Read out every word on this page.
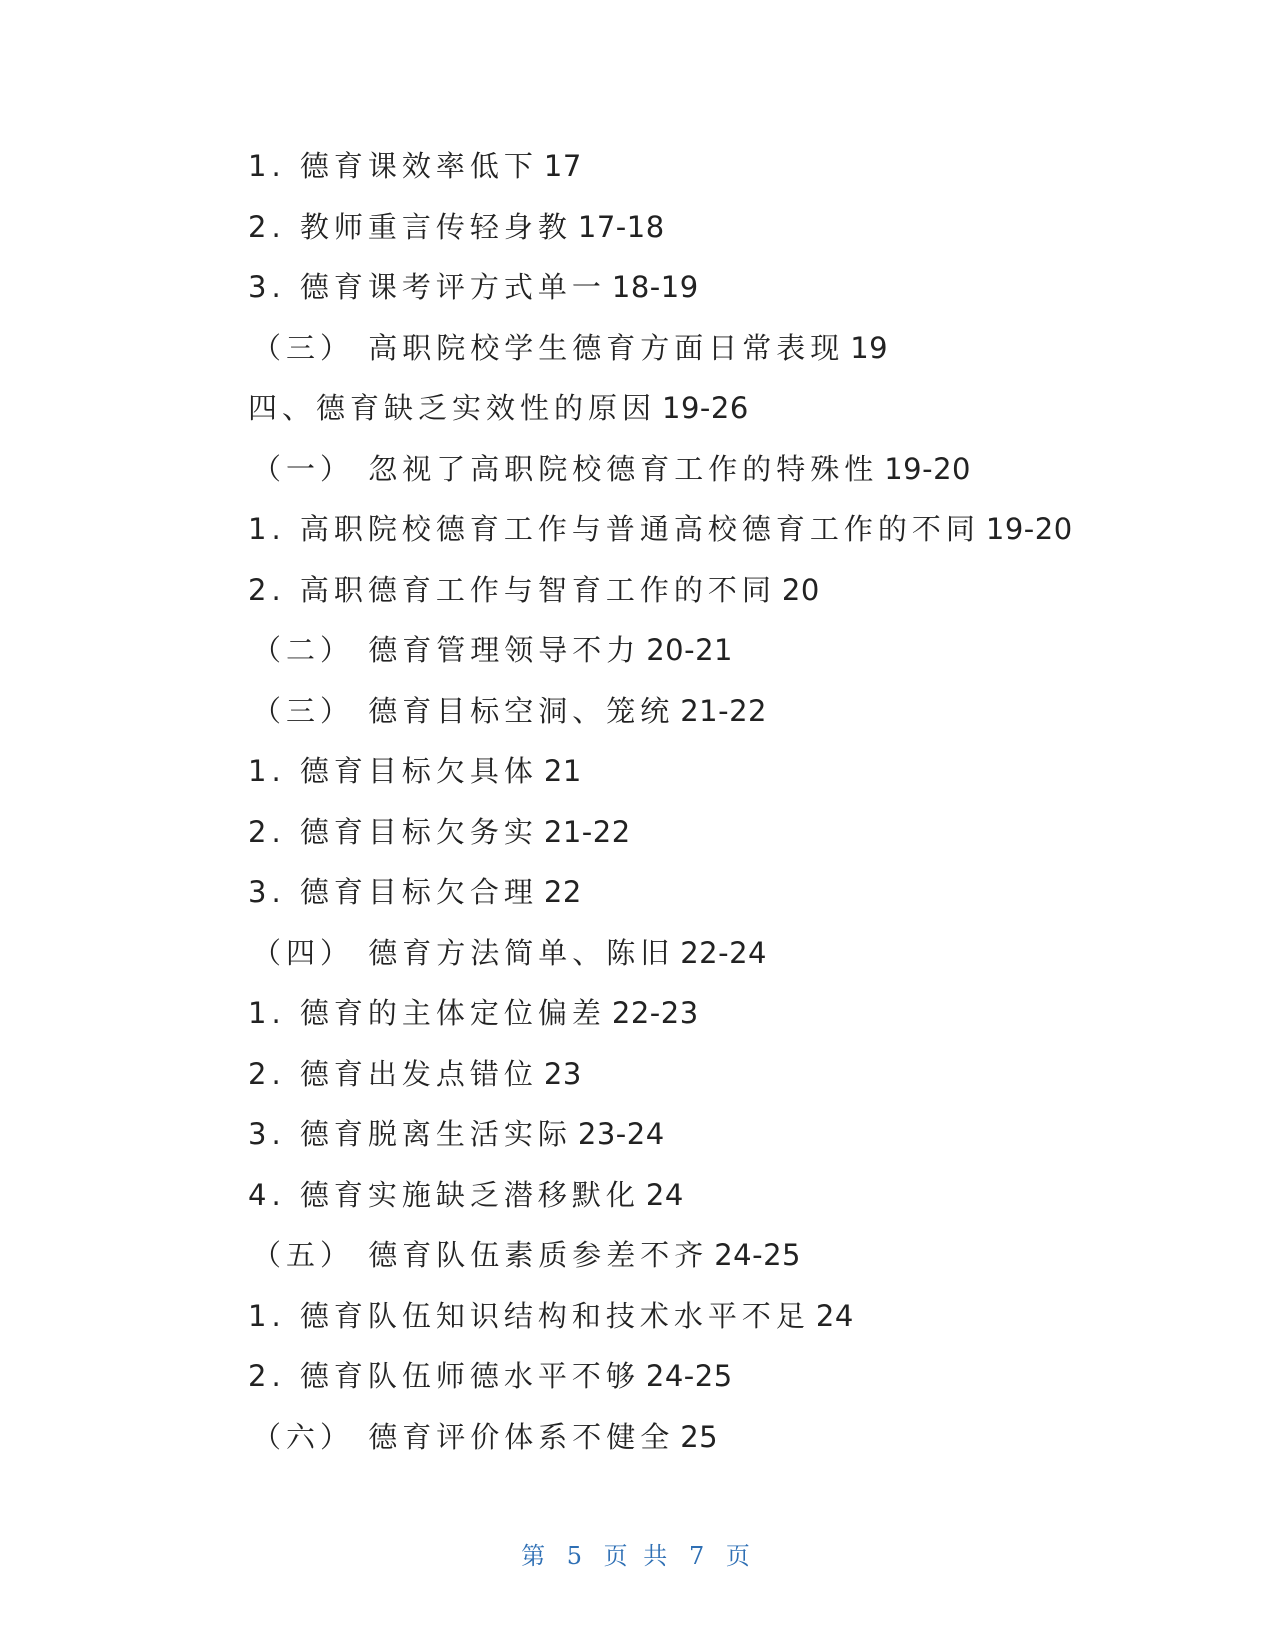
1. 德育课效率低下 17
2. 教师重言传轻身教 17-18
3. 德育课考评方式单一 18-19
（三） 高职院校学生德育方面日常表现 19
四、德育缺乏实效性的原因 19-26
（一） 忽视了高职院校德育工作的特殊性 19-20
1. 高职院校德育工作与普通高校德育工作的不同 19-20
2. 高职德育工作与智育工作的不同 20
（二） 德育管理领导不力 20-21
（三） 德育目标空洞、笼统 21-22
1. 德育目标欠具体 21
2. 德育目标欠务实 21-22
3. 德育目标欠合理 22
（四） 德育方法简单、陈旧 22-24
1. 德育的主体定位偏差 22-23
2. 德育出发点错位 23
3. 德育脱离生活实际 23-24
4. 德育实施缺乏潜移默化 24
（五） 德育队伍素质参差不齐 24-25
1. 德育队伍知识结构和技术水平不足 24
2. 德育队伍师德水平不够 24-25
（六） 德育评价体系不健全 25
第 5 页 共 7 页
